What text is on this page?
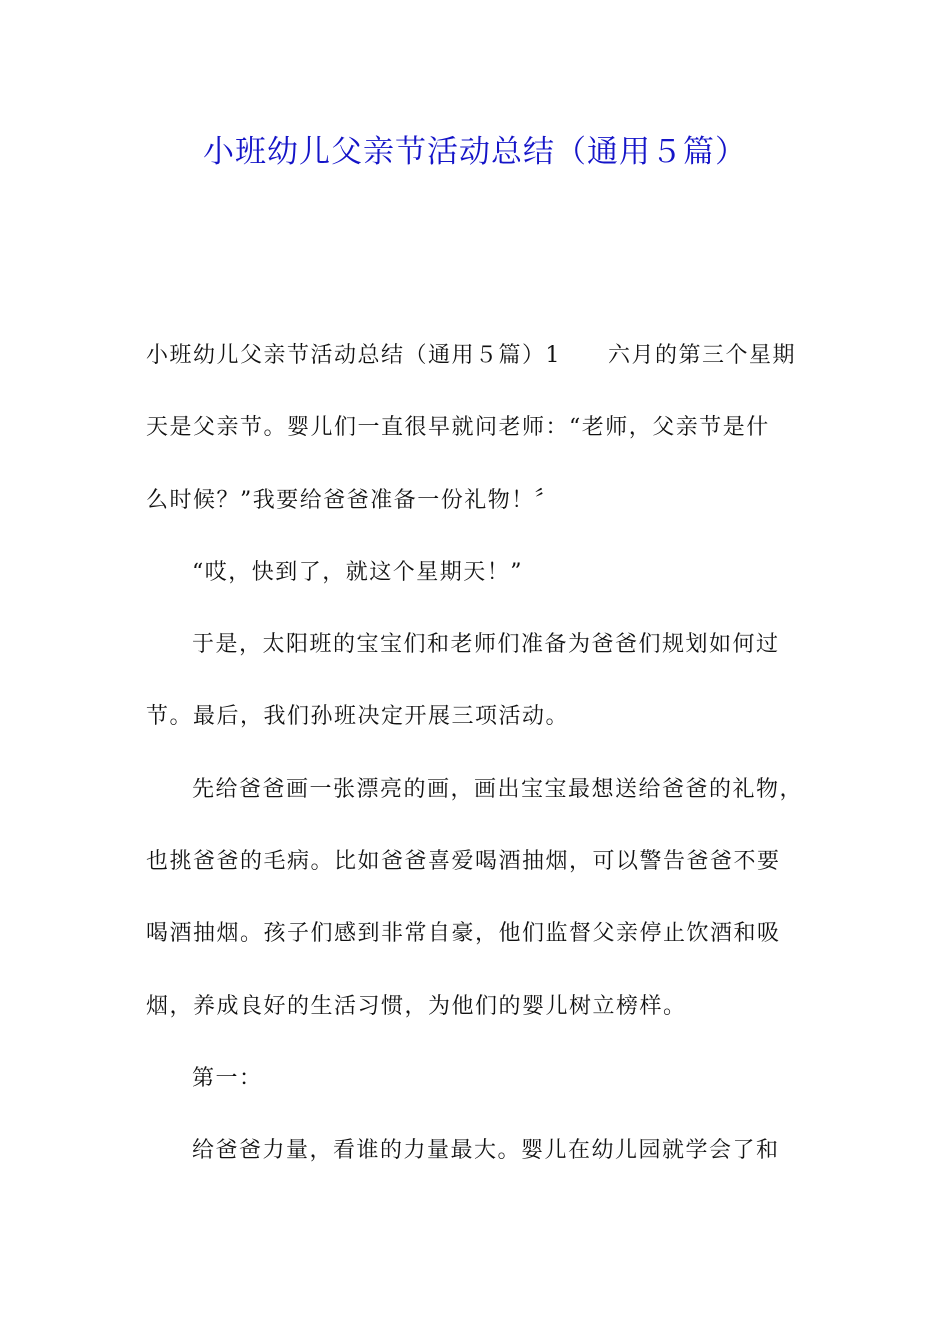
小班幼儿父亲节活动总结（通用５篇）
小班幼儿父亲节活动总结（通用５篇）1　　六月的第三个星期
天是父亲节。婴儿们一直很早就问老师：“老师，父亲节是什
么时候？”我要给爸爸准备一份礼物！〞
“哎，快到了，就这个星期天！”
于是，太阳班的宝宝们和老师们准备为爸爸们规划如何过
节。最后，我们孙班决定开展三项活动。
先给爸爸画一张漂亮的画，画出宝宝最想送给爸爸的礼物，
也挑爸爸的毛病。比如爸爸喜爱喝酒抽烟，可以警告爸爸不要
喝酒抽烟。孩子们感到非常自豪，他们监督父亲停止饮酒和吸
烟，养成良好的生活习惯，为他们的婴儿树立榜样。
第一：
给爸爸力量，看谁的力量最大。婴儿在幼儿园就学会了和
